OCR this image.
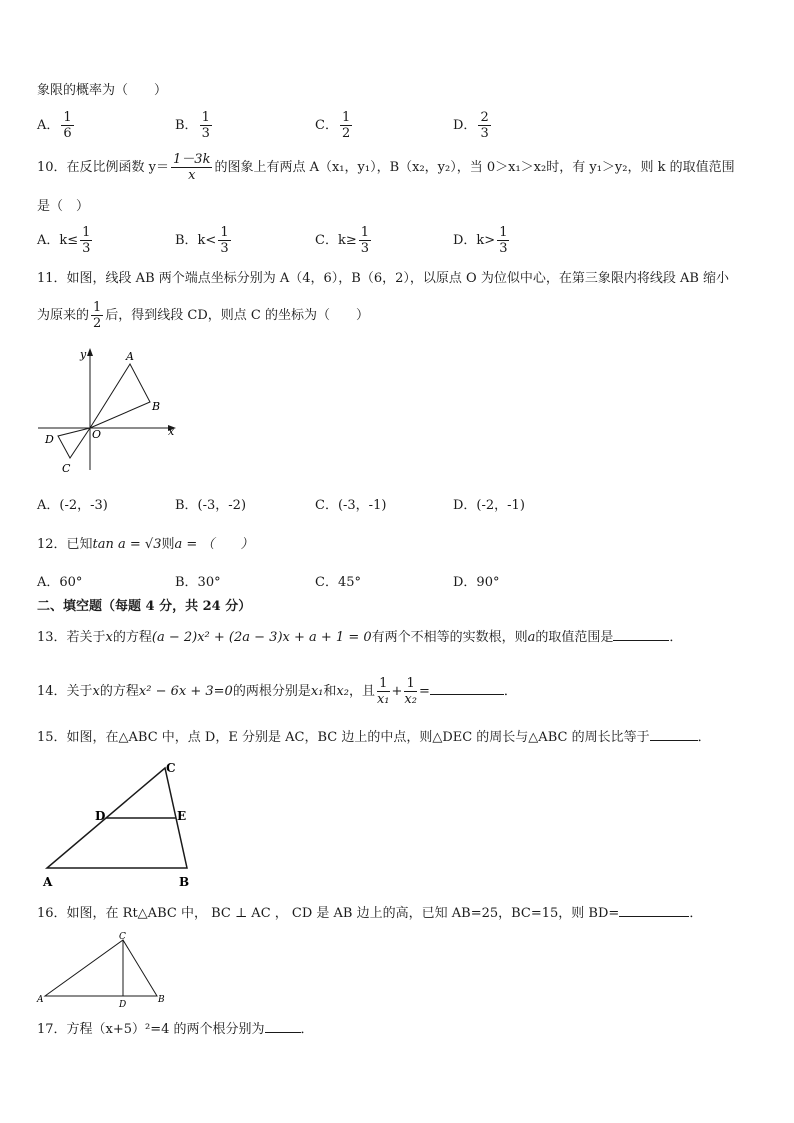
象限的概率为（　　）
A． $\frac{1}{6}$	B． $\frac{1}{3}$	C． $\frac{1}{2}$	D． $\frac{2}{3}$
10．在反比例函数 $y= \frac{1-3k}{x}$ 的图象上有两点 A（x₁，y₁），B（x₂，y₂），当 0＞x₁＞x₂时，有 y₁＞y₂，则 k 的取值范围
是（　）
A．$k\le \frac{1}{3}$	B．$k< \frac{1}{3}$	C．$k\ge \frac{1}{3}$	D．$k> \frac{1}{3}$
11．如图，线段 AB 两个端点坐标分别为 A（4，6），B（6，2），以原点 O 为位似中心，在第三象限内将线段 AB 缩小
为原来的 $\frac{1}{2}$ 后，得到线段 CD，则点 C 的坐标为（　　）
y
x
A
B
O
D
C
A．(-2，-3)	B．(-3，-2)	C．(-3，-1)	D．(-2，-1)
12．已知tan a = √3则a = （　　）
A．60°	B．30°	C．45°	D．90°
二、填空题（每题 4 分，共 24 分）
13．若关于x的方程(a − 2)x² + (2a − 3)x + a + 1 = 0有两个不相等的实数根，则a的取值范围是	．
14．关于x的方程x² − 6x + 3=0的两根分别是x₁和x₂，且 $\frac{1}{\text{x₁}} + \frac{1}{\text{x₂}}$ =	．
15．如图，在△ABC 中，点 D，E 分别是 AC，BC 边上的中点，则△DEC 的周长与△ABC 的周长比等于	．
A	B
C
D	E
16．如图，在 Rt△ABC 中， BC ⊥ AC ， CD 是 AB 边上的高，已知 AB=25，BC=15，则 BD=	．
A	B
C
D
17．方程（x+5）²=4 的两个根分别为	．
